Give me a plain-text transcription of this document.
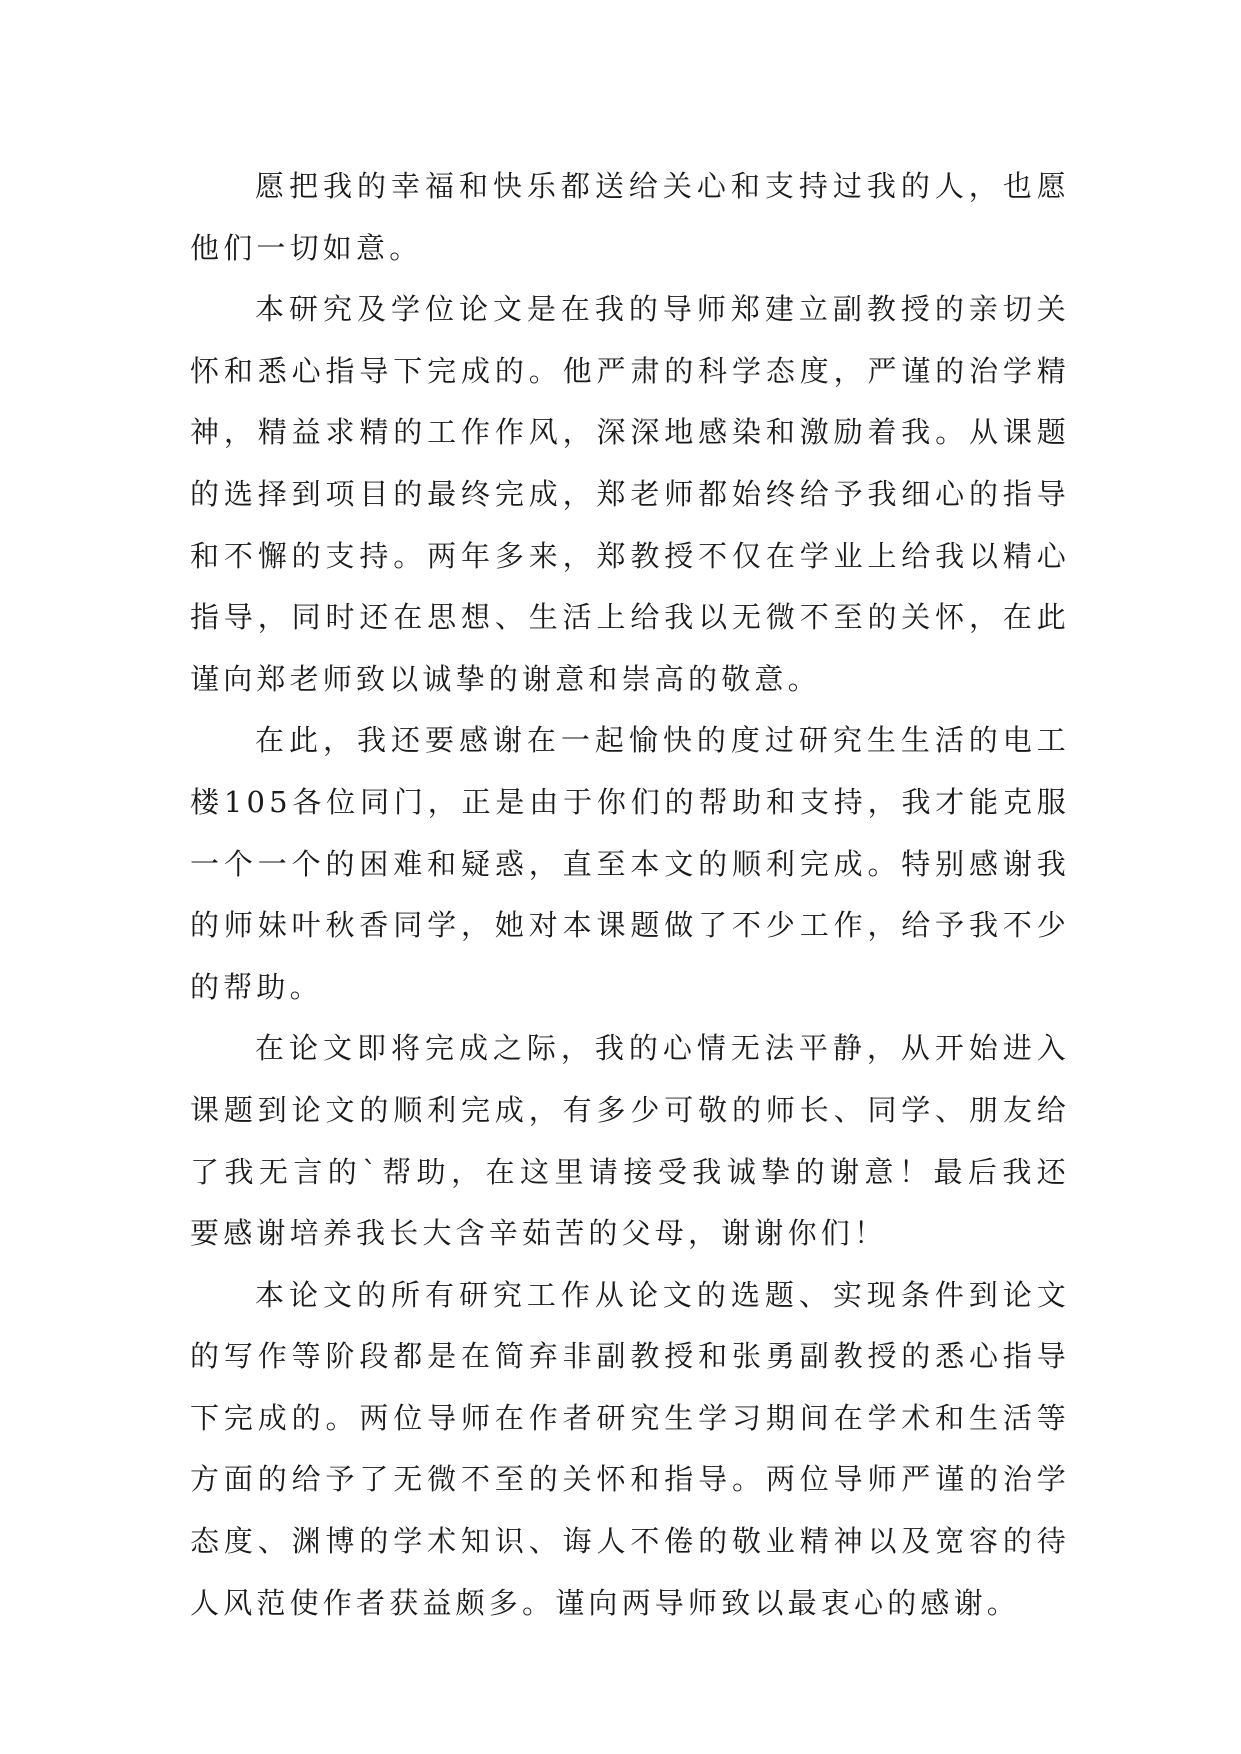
愿把我的幸福和快乐都送给关心和支持过我的人，也愿他们一切如意。

本研究及学位论文是在我的导师郑建立副教授的亲切关怀和悉心指导下完成的。他严肃的科学态度，严谨的治学精神，精益求精的工作作风，深深地感染和激励着我。从课题的选择到项目的最终完成，郑老师都始终给予我细心的指导和不懈的支持。两年多来，郑教授不仅在学业上给我以精心指导，同时还在思想、生活上给我以无微不至的关怀，在此谨向郑老师致以诚挚的谢意和崇高的敬意。

在此，我还要感谢在一起愉快的度过研究生生活的电工楼105各位同门，正是由于你们的帮助和支持，我才能克服一个一个的困难和疑惑，直至本文的顺利完成。特别感谢我的师妹叶秋香同学，她对本课题做了不少工作，给予我不少的帮助。

在论文即将完成之际，我的心情无法平静，从开始进入课题到论文的顺利完成，有多少可敬的师长、同学、朋友给了我无言的`帮助，在这里请接受我诚挚的谢意！最后我还要感谢培养我长大含辛茹苦的父母，谢谢你们！

本论文的所有研究工作从论文的选题、实现条件到论文的写作等阶段都是在简弃非副教授和张勇副教授的悉心指导下完成的。两位导师在作者研究生学习期间在学术和生活等方面的给予了无微不至的关怀和指导。两位导师严谨的治学态度、渊博的学术知识、诲人不倦的敬业精神以及宽容的待人风范使作者获益颇多。谨向两导师致以最衷心的感谢。
